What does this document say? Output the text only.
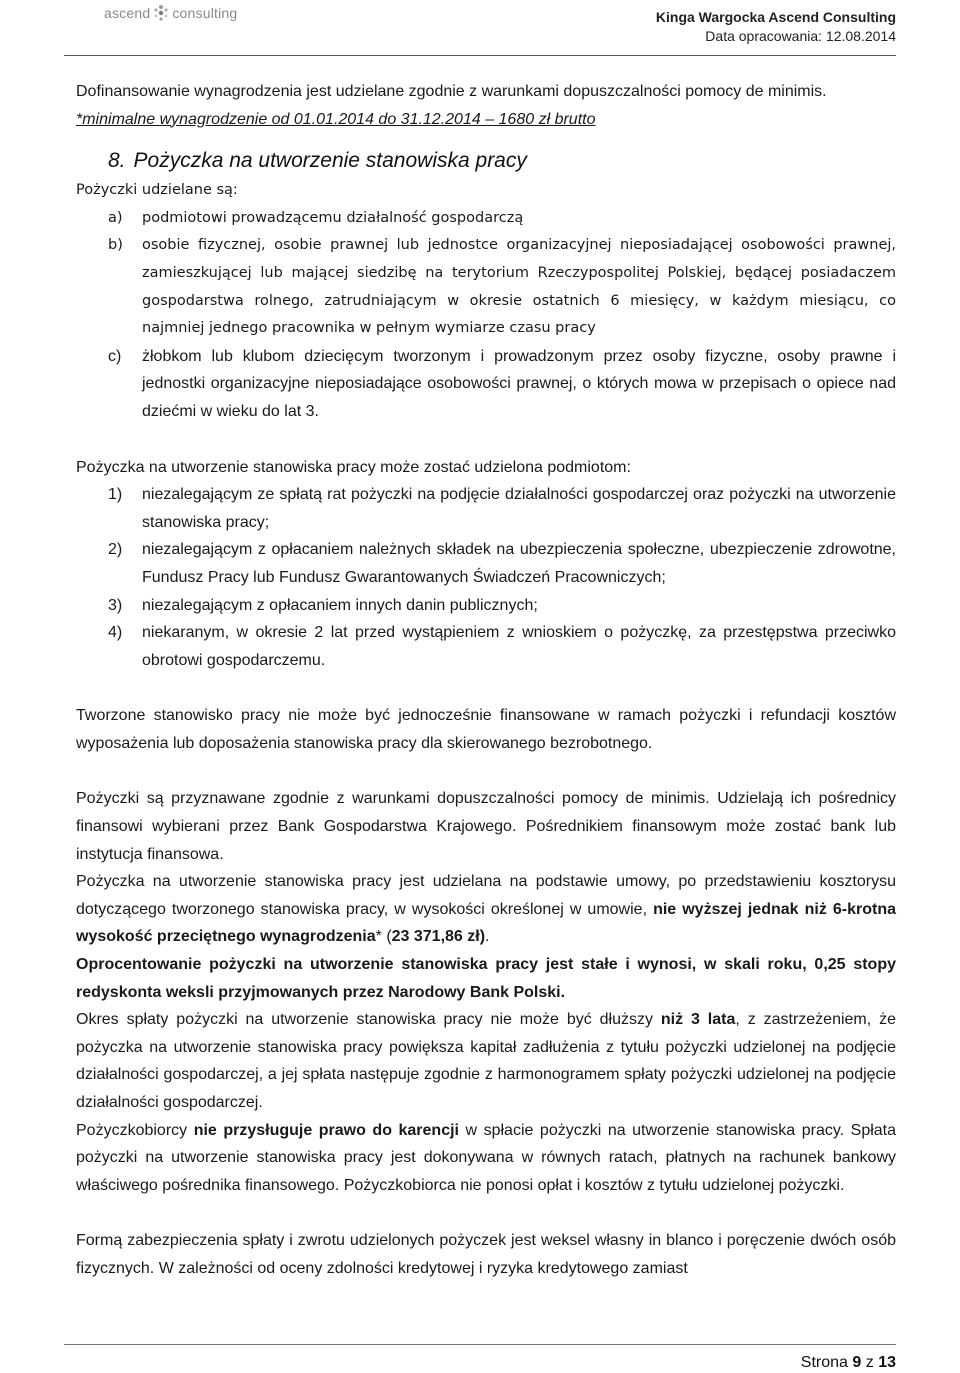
ascend consulting	Kinga Wargocka Ascend Consulting
Data opracowania: 12.08.2014

Dofinansowanie wynagrodzenia jest udzielane zgodnie z warunkami dopuszczalności pomocy de minimis.

*minimalne wynagrodzenie od 01.01.2014 do 31.12.2014 – 1680 zł brutto

8. Pożyczka na utworzenie stanowiska pracy

Pożyczki udzielane są:

a) podmiotowi prowadzącemu działalność gospodarczą
b) osobie fizycznej, osobie prawnej lub jednostce organizacyjnej nieposiadającej osobowości prawnej, zamieszkującej lub mającej siedzibę na terytorium Rzeczypospolitej Polskiej, będącej posiadaczem gospodarstwa rolnego, zatrudniającym w okresie ostatnich 6 miesięcy, w każdym miesiącu, co najmniej jednego pracownika w pełnym wymiarze czasu pracy
c) żłobkom lub klubom dziecięcym tworzonym i prowadzonym przez osoby fizyczne, osoby prawne i jednostki organizacyjne nieposiadające osobowości prawnej, o których mowa w przepisach o opiece nad dziećmi w wieku do lat 3.

Pożyczka na utworzenie stanowiska pracy może zostać udzielona podmiotom:

1) niezalegającym ze spłatą rat pożyczki na podjęcie działalności gospodarczej oraz pożyczki na utworzenie stanowiska pracy;
2) niezalegającym z opłacaniem należnych składek na ubezpieczenia społeczne, ubezpieczenie zdrowotne, Fundusz Pracy lub Fundusz Gwarantowanych Świadczeń Pracowniczych;
3) niezalegającym z opłacaniem innych danin publicznych;
4) niekaranym, w okresie 2 lat przed wystąpieniem z wnioskiem o pożyczkę, za przestępstwa przeciwko obrotowi gospodarczemu.

Tworzone stanowisko pracy nie może być jednocześnie finansowane w ramach pożyczki i refundacji kosztów wyposażenia lub doposażenia stanowiska pracy dla skierowanego bezrobotnego.

Pożyczki są przyznawane zgodnie z warunkami dopuszczalności pomocy de minimis. Udzielają ich pośrednicy finansowi wybierani przez Bank Gospodarstwa Krajowego. Pośrednikiem finansowym może zostać bank lub instytucja finansowa.

Pożyczka na utworzenie stanowiska pracy jest udzielana na podstawie umowy, po przedstawieniu kosztorysu dotyczącego tworzonego stanowiska pracy, w wysokości określonej w umowie, nie wyższej jednak niż 6-krotna wysokość przeciętnego wynagrodzenia* (23 371,86 zł).

Oprocentowanie pożyczki na utworzenie stanowiska pracy jest stałe i wynosi, w skali roku, 0,25 stopy redyskonta weksli przyjmowanych przez Narodowy Bank Polski.

Okres spłaty pożyczki na utworzenie stanowiska pracy nie może być dłuższy niż 3 lata, z zastrzeżeniem, że pożyczka na utworzenie stanowiska pracy powiększa kapitał zadłużenia z tytułu pożyczki udzielonej na podjęcie działalności gospodarczej, a jej spłata następuje zgodnie z harmonogramem spłaty pożyczki udzielonej na podjęcie działalności gospodarczej.

Pożyczkobiorcy nie przysługuje prawo do karencji w spłacie pożyczki na utworzenie stanowiska pracy. Spłata pożyczki na utworzenie stanowiska pracy jest dokonywana w równych ratach, płatnych na rachunek bankowy właściwego pośrednika finansowego. Pożyczkobiorca nie ponosi opłat i kosztów z tytułu udzielonej pożyczki.

Formą zabezpieczenia spłaty i zwrotu udzielonych pożyczek jest weksel własny in blanco i poręczenie dwóch osób fizycznych. W zależności od oceny zdolności kredytowej i ryzyka kredytowego zamiast

Strona 9 z 13
